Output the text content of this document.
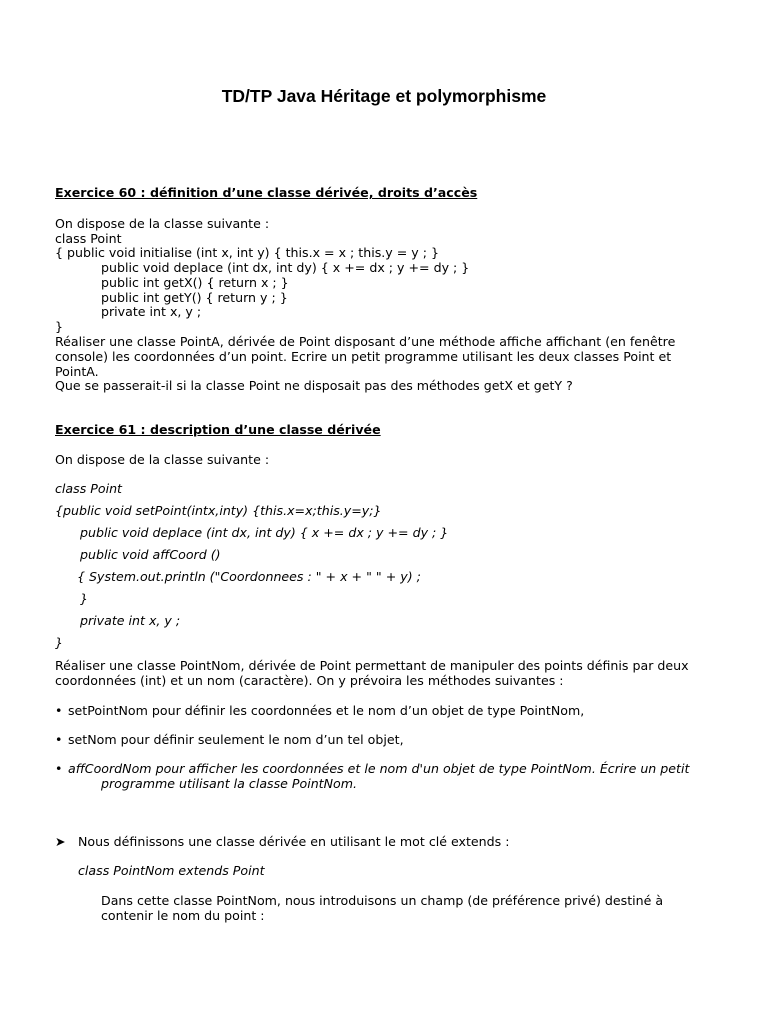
TD/TP Java Héritage et polymorphisme
Exercice 60 : définition d’une classe dérivée, droits d’accès
On dispose de la classe suivante :
class Point
{ public void initialise (int x, int y) { this.x = x ; this.y = y ; }
public void deplace (int dx, int dy) { x += dx ; y += dy ; }
public int getX() { return x ; }
public int getY() { return y ; }
private int x, y ;
}
Réaliser une classe PointA, dérivée de Point disposant d’une méthode affiche affichant (en fenêtre
console) les coordonnées d’un point. Ecrire un petit programme utilisant les deux classes Point et
PointA.
Que se passerait-il si la classe Point ne disposait pas des méthodes getX et getY ?
Exercice 61 : description d’une classe dérivée
On dispose de la classe suivante :
class Point
{public void setPoint(intx,inty) {this.x=x;this.y=y;}
public void deplace (int dx, int dy) { x += dx ; y += dy ; }
public void affCoord ()
{ System.out.println ("Coordonnees : " + x + " " + y) ;
}
private int x, y ;
}
Réaliser une classe PointNom, dérivée de Point permettant de manipuler des points définis par deux
coordonnées (int) et un nom (caractère). On y prévoira les méthodes suivantes :
• setPointNom pour définir les coordonnées et le nom d’un objet de type PointNom,
• setNom pour définir seulement le nom d’un tel objet,
• affCoordNom pour afficher les coordonnées et le nom d'un objet de type PointNom. Écrire un petit
programme utilisant la classe PointNom.
➤ Nous définissons une classe dérivée en utilisant le mot clé extends :
class PointNom extends Point
Dans cette classe PointNom, nous introduisons un champ (de préférence privé) destiné à
contenir le nom du point :
